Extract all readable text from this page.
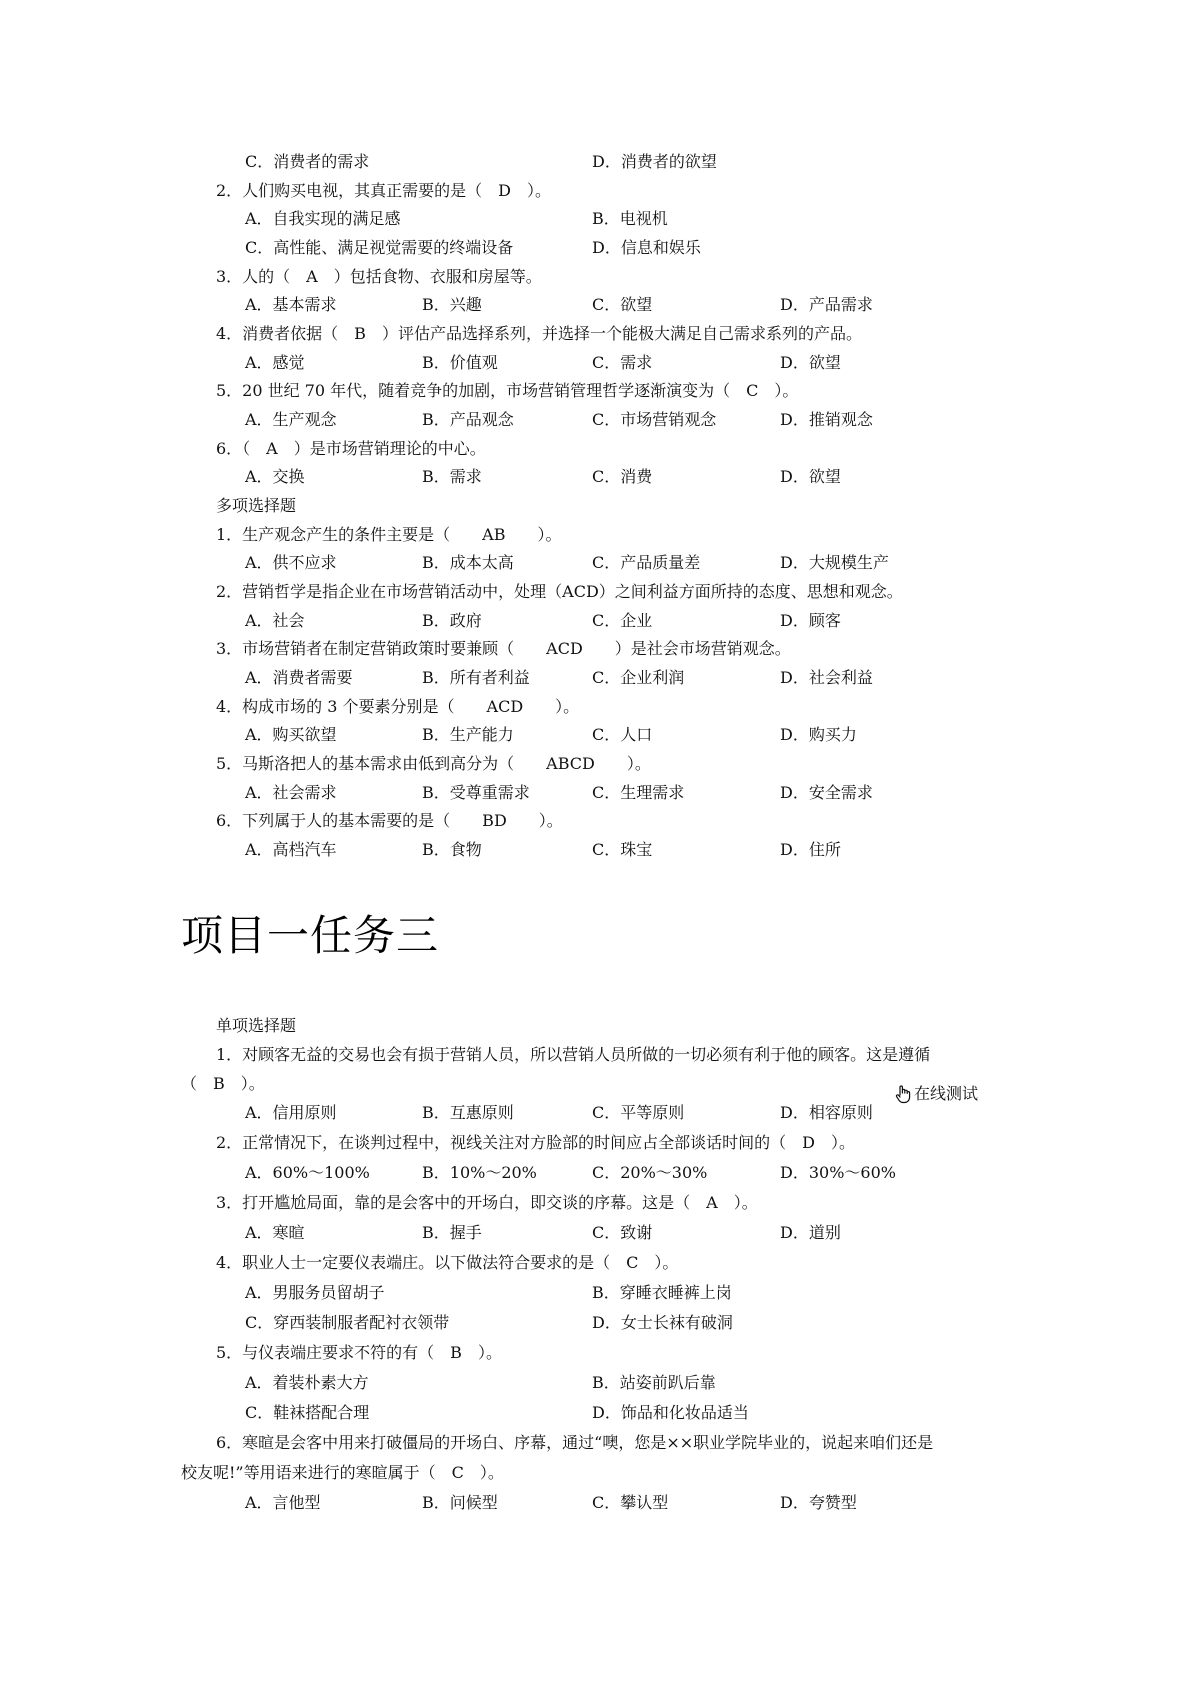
C．消费者的需求	D．消费者的欲望
2．人们购买电视，其真正需要的是（　D　）。
A．自我实现的满足感	B．电视机
C．高性能、满足视觉需要的终端设备	D．信息和娱乐
3．人的（　A　）包括食物、衣服和房屋等。
A．基本需求	B．兴趣	C．欲望	D．产品需求
4．消费者依据（　B　）评估产品选择系列，并选择一个能极大满足自己需求系列的产品。
A．感觉	B．价值观	C．需求	D．欲望
5．20 世纪 70 年代，随着竞争的加剧，市场营销管理哲学逐渐演变为（　C　）。
A．生产观念	B．产品观念	C．市场营销观念	D．推销观念
6．（　A　）是市场营销理论的中心。
A．交换	B．需求	C．消费	D．欲望
多项选择题
1．生产观念产生的条件主要是（　　AB　　）。
A．供不应求	B．成本太高	C．产品质量差	D．大规模生产
2．营销哲学是指企业在市场营销活动中，处理（ACD）之间利益方面所持的态度、思想和观念。
A．社会	B．政府	C．企业	D．顾客
3．市场营销者在制定营销政策时要兼顾（　　ACD　　）是社会市场营销观念。
A．消费者需要	B．所有者利益	C．企业利润	D．社会利益
4．构成市场的 3 个要素分别是（　　ACD　　）。
A．购买欲望	B．生产能力	C．人口	D．购买力
5．马斯洛把人的基本需求由低到高分为（　　ABCD　　）。
A．社会需求	B．受尊重需求	C．生理需求	D．安全需求
6．下列属于人的基本需要的是（　　BD　　）。
A．高档汽车	B．食物	C．珠宝	D．住所
项目一任务三
单项选择题
1．对顾客无益的交易也会有损于营销人员，所以营销人员所做的一切必须有利于他的顾客。这是遵循
（　B　）。
在线测试
A．信用原则	B．互惠原则	C．平等原则	D．相容原则
2．正常情况下，在谈判过程中，视线关注对方脸部的时间应占全部谈话时间的（　D　）。
A．60%～100%	B．10%～20%	C．20%～30%	D．30%～60%
3．打开尴尬局面，靠的是会客中的开场白，即交谈的序幕。这是（　A　）。
A．寒暄	B．握手	C．致谢	D．道别
4．职业人士一定要仪表端庄。以下做法符合要求的是（　C　）。
A．男服务员留胡子	B．穿睡衣睡裤上岗
C．穿西装制服者配衬衣领带	D．女士长袜有破洞
5．与仪表端庄要求不符的有（　B　）。
A．着装朴素大方	B．站姿前趴后靠
C．鞋袜搭配合理	D．饰品和化妆品适当
6．寒暄是会客中用来打破僵局的开场白、序幕，通过“噢，您是××职业学院毕业的，说起来咱们还是
校友呢!”等用语来进行的寒暄属于（　C　）。
A．言他型	B．问候型	C．攀认型	D．夸赞型
